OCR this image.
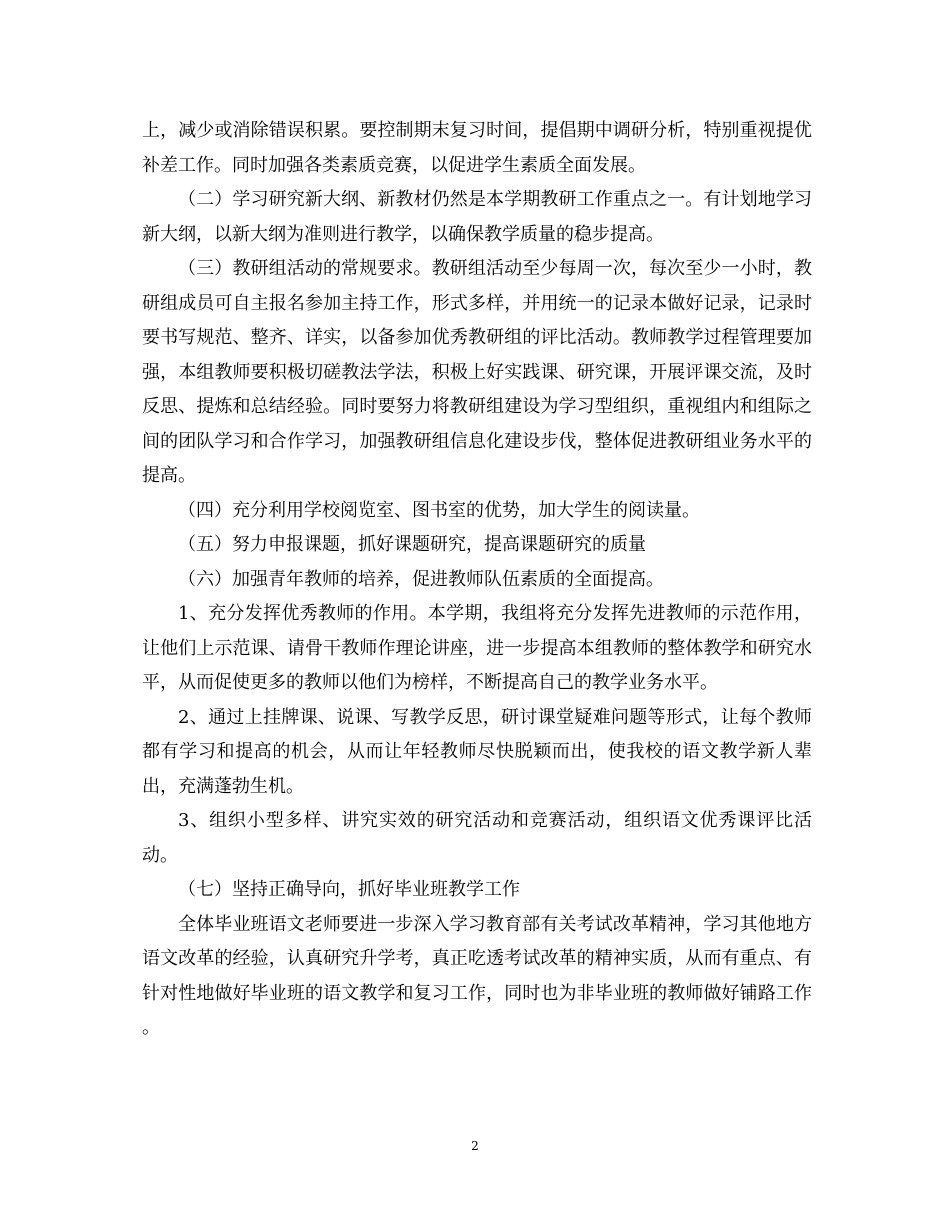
上，减少或消除错误积累。要控制期末复习时间，提倡期中调研分析，特别重视提优补差工作。同时加强各类素质竞赛，以促进学生素质全面发展。

（二）学习研究新大纲、新教材仍然是本学期教研工作重点之一。有计划地学习新大纲，以新大纲为准则进行教学，以确保教学质量的稳步提高。

（三）教研组活动的常规要求。教研组活动至少每周一次，每次至少一小时，教研组成员可自主报名参加主持工作，形式多样，并用统一的记录本做好记录，记录时要书写规范、整齐、详实，以备参加优秀教研组的评比活动。教师教学过程管理要加强，本组教师要积极切磋教法学法，积极上好实践课、研究课，开展评课交流，及时反思、提炼和总结经验。同时要努力将教研组建设为学习型组织，重视组内和组际之间的团队学习和合作学习，加强教研组信息化建设步伐，整体促进教研组业务水平的提高。

（四）充分利用学校阅览室、图书室的优势，加大学生的阅读量。

（五）努力申报课题，抓好课题研究，提高课题研究的质量

（六）加强青年教师的培养，促进教师队伍素质的全面提高。

1、充分发挥优秀教师的作用。本学期，我组将充分发挥先进教师的示范作用，让他们上示范课、请骨干教师作理论讲座，进一步提高本组教师的整体教学和研究水平，从而促使更多的教师以他们为榜样，不断提高自己的教学业务水平。

2、通过上挂牌课、说课、写教学反思，研讨课堂疑难问题等形式，让每个教师都有学习和提高的机会，从而让年轻教师尽快脱颖而出，使我校的语文教学新人辈出，充满蓬勃生机。

3、组织小型多样、讲究实效的研究活动和竞赛活动，组织语文优秀课评比活动。

（七）坚持正确导向，抓好毕业班教学工作

全体毕业班语文老师要进一步深入学习教育部有关考试改革精神，学习其他地方语文改革的经验，认真研究升学考，真正吃透考试改革的精神实质，从而有重点、有针对性地做好毕业班的语文教学和复习工作，同时也为非毕业班的教师做好铺路工作 。

2
